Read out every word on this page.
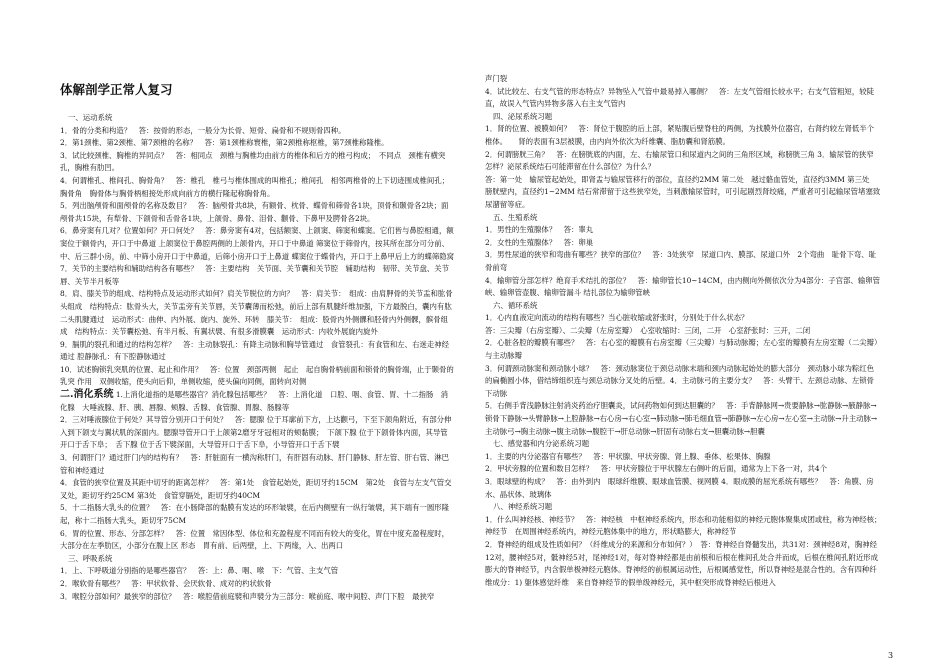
体解剖学正常人复习

一、运动系统

1．骨的分类和构造？　答：按骨的形态，一般分为长骨、短骨、扁骨和不规则骨四种。

2．第1颈椎、第2颈椎、第7颈椎的名称？　答：第1颈椎称寰椎，第2颈椎称枢椎，第7颈椎称隆椎。

3．试比较颈椎、胸椎的异同点？　答：相同点　颈椎与胸椎均由前方的椎体和后方的椎弓构成；　不同点　颈椎有横突孔，胸椎有肋凹。

4．何谓椎孔、椎间孔、胸骨角？　答：椎孔　椎弓与椎体围成的叫椎孔；椎间孔　相邻两椎骨的上下切迹围成椎间孔；　胸骨角　胸骨体与胸骨柄相接处形成向前方的横行隆起称胸骨角。

5．列出脑颅骨和面颅骨的名称及数目？　答：脑颅骨共8块，有额骨、枕骨、蝶骨和筛骨各1块，顶骨和颞骨各2块；面颅骨共15块，有犁骨、下颌骨和舌骨各1块，上颌骨、鼻骨、泪骨、颧骨、下鼻甲及腭骨各2块。

6．鼻旁窦有几对？位置如何？开口何处？　答：鼻旁窦有4对，包括额窦、上颌窦、筛窦和蝶窦。它们皆与鼻腔相通，额窦位于额骨内，开口于中鼻道 上颌窦位于鼻腔两侧的上颌骨内，开口于中鼻道 筛窦位于筛骨内，按其所在部分可分前、中、后三群小房，前、中筛小房开口于中鼻道，后筛小房开口于上鼻道 蝶窦位于蝶骨内，开口于上鼻甲后上方的蝶筛隐窝

7．关节的主要结构和辅助结构各有哪些？　答：主要结构　关节面、关节囊和关节腔　辅助结构　韧带、关节盘、关节唇、关节半月板等

8．肩、膝关节的组成、结构特点及运动形式如何？肩关节脱位的方向？　答：肩关节：　组成：由肩胛骨的关节盂和肱骨头组成　结构特点：肱骨头大，关节盂旁有关节唇，关节囊薄而松弛，前后上部有肌腱纤维加强，下方最脱白，囊内有肱二头肌腱通过　运动形式：曲伸、内外展、旋内、旋外、环转　膝关节：　组成：股骨内外侧髁和胫骨内外侧髁，髌骨组成　结构特点：关节囊松弛、有半月板、有翼状襞、有很多滑膜囊　运动形式：内收外展旋内旋外

9．膈肌的裂孔和通过的结构怎样？　答：主动脉裂孔：有降主动脉和胸导管通过　食管裂孔：有食管和左、右迷走神经通过 腔静脉孔：有下腔静脉通过

10．试述胸锁乳突肌的位置、起止和作用？　答：位置　颈部两侧　起止　起自胸骨柄前面和锁骨的胸骨端，止于颞骨的乳突 作用　双侧收缩，使头向后仰，单侧收缩，使头偏向同侧，面转向对侧

二.消化系统 1.上消化道指的是哪些器官？消化腺包括哪些？　答：上消化道　口腔、咽、食管、胃、十二指肠　消化腺　大唾液腺、肝、胰、唇腺、颊腺、舌腺、食管腺、胃腺、肠腺等

2．三对唾液腺位于何处？其导管分别开口于何处？　答：腮腺 位于耳廓前下方，上达颧弓，下至下颌角附近，有部分伸入到下颌支与翼状肌的深面内。腮腺导管开口于上颌第2磨牙牙冠相对的颊黏膜；　下颌下腺 位于下颌骨体内面，其导管开口于舌下阜；　舌下腺 位于舌下襞深面，大导管开口于舌下阜，小导管开口于舌下襞

3．何谓肝门？通过肝门内的结构有？　答：肝脏面有一横沟称肝门，有肝固有动脉、肝门静脉、肝左管、肝右管、淋巴管和神经通过

4．食管的狭窄位置及其距中切牙的距离怎样？　答：第1处　食管起始处，距切牙约15CM　第2处　食管与左支气管交叉处，距切牙约25CM 第3处　食管穿膈处，距切牙约40CM

5．十二指肠大乳头的位置？　答：在小肠降部的黏膜有发达的环形皱襞，在后内侧壁有一纵行皱襞，其下端有一圆形隆起，称十二指肠大乳头，距切牙75CM

6．胃的位置、形态、分部怎样？　答：位置　常因体型、体位和充盈程度不同而有较大的变化，胃在中度充盈程度时，大部分在左季肋区，小部分在腹上区 形态　胃有前、后两壁，上、下两缘，入、出两口

三、呼吸系统

1．上、下呼吸道分别指的是哪些器官？　答：上：鼻、咽、喉　下：气管、主支气管

2．喉软骨有哪些？　答：甲状软骨、会厌软骨、成对的杓状软骨

3．喉腔分部如何？最狭窄的部位？　答：喉腔借前庭襞和声襞分为三部分：喉前庭、喉中间腔、声门下腔　最狭窄

声门裂

4．试比较左、右支气管的形态特点？异物坠入气管中最易掉入哪侧？　答：左支气管细长较水平；右支气管粗短，较陡直，故误入气管内异物多落入右主支气管内

四、泌尿系统习题

1．肾的位置、被膜如何？　答：肾位于腹腔的后上部，紧贴腹后壁脊柱的两侧，为找膜外位器官，右肾约较左肾低半个椎体。　　肾的表面有3层被膜，由内向外依次为纤维囊、脂肪囊和肾筋膜。

2．何谓膀胱三角？　答：在膀胱底的内面，左、右输尿管口和尿道内之间的三角形区域，称膀胱三角 3．输尿管的狭窄怎样？泌尿系统结石可能滞留在什么部位？为什么？

答：第一处　输尿管起始处，即肾盂与输尿管移行的部位，直径约2MM 第二处　越过骼血管处，直径约3MM 第三处　膀胱壁内，直径约1~2MM 结石常滞留于这些狭窄处，当刺激输尿管时，可引起剧烈肾绞痛，严重者可引起输尿管堵塞致尿潴留等症。

五、生殖系统

1．男性的生殖腺体？　答：睾丸

2．女性的生殖腺体？　答：卵巢

3．男性尿道的狭窄和弯曲有哪些？狭窄的部位？　答：3处狭窄　尿道口内、膜部、尿道口外　2个弯曲　耻骨下弯、耻骨前弯

4．输卵管分部怎样？绝育手术结扎的部位？　答：输卵管长10~14CM，由内侧向外侧依次分为4部分：子宫部、输卵管峡、输卵管壶腹、输卵管漏斗 结扎部位为输卵管峡

六、循环系统

1．心内血液定向流动的结构有哪些？当心脏收缩或舒张时，分别处于什么状态？

答：三尖瓣（右房室瓣）、二尖瓣（左房室瓣）　心室收缩时：三闭，二开　心室舒张时：三开，二闭

2．心脏各腔的瓣膜有哪些？　答：右心室的瓣膜有右房室瓣（三尖瓣）与肺动脉瓣；左心室的瓣膜有左房室瓣（二尖瓣）与主动脉瓣

3．何谓颈动脉窦和颈动脉小球？　答：颈动脉窦位于颈总动脉末端和颈内动脉起始处的膨大部分　颈动脉小球为粽红色的扁椭圆小体，借结缔组织连与颈总动脉分叉处的后壁。4．主动脉弓的主要分支？　答：头臂干、左颈总动脉、左锁骨下动脉

5．右侧手背浅静脉注射消炎药治疗胆囊炎，试问药物如何到达胆囊的？　答：手背静脉网→贵要静脉→肱静脉→腋静脉→锁骨下静脉→头臂静脉→上腔静脉→右心房→右心室→肺动脉→肺毛细血管→肺静脉→左心房→左心室→主动脉→升主动脉→主动脉弓→胸主动脉→腹主动脉→腹腔干→肝总动脉→肝固有动脉右支→胆囊动脉→胆囊

七、感觉器和内分泌系统习题

1．主要的内分泌器官有哪些？　答：甲状腺、甲状旁腺、肾上腺、垂体、松果体、胸腺

2．甲状旁腺的位置和数目怎样？　答：甲状旁腺位于甲状腺左右侧叶的后面，通常为上下各一对，共4个

3．眼球壁的构成？　答：由外到内　眼球纤维膜、眼球血管膜、视网膜 4．眼成膜的屈光系统有哪些？　答：角膜、房水、晶状体、玻璃体

八、神经系统习题

1．什么叫神经核、神经节？　答：神经核　中枢神经系统内，形态和功能相似的神经元胞体聚集成团或柱，称为神经核；　神经节　在周围神经系统内，神经元胞体集中的地方，形状略膨大，称神经节

2．脊神经的组成及性质如何？（纤维成分的来源和分布如何？）　答：脊神经自脊髓发出，共31对：颈神经8对，胸神经12对，腰神经5对，骶神经5对，尾神经1对，每对脊神经都是由前根和后根在椎间孔处合并而成，后根在椎间孔附近形成膨大的脊神经节，内含假单极神经元胞体。脊神经的前根属运动性，后根属感觉性，所以脊神经是混合性的。含有四种纤维成分：1) 躯体感觉纤维　来自脊神经节的假单级神经元，其中枢突形成脊神经后根进入

3
